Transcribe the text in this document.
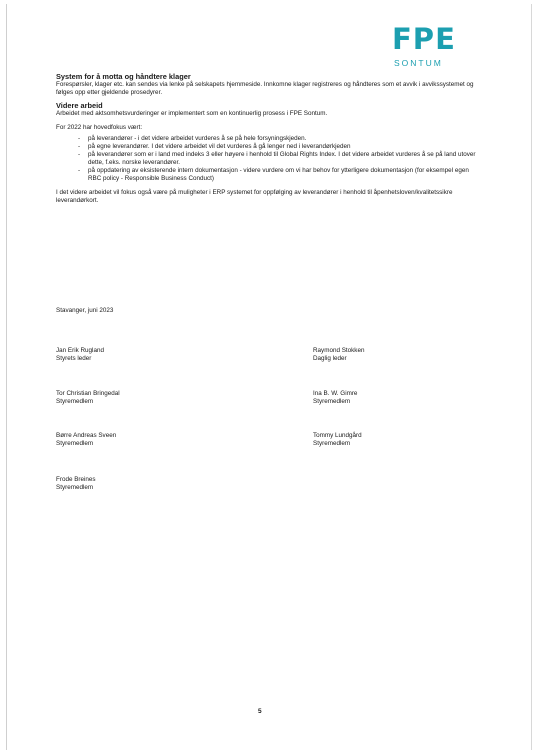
FPE
SONTUM
System for å motta og håndtere klager

Forespørsler, klager etc. kan sendes via lenke på selskapets hjemmeside. Innkomne klager registreres og håndteres som et avvik i avvikssystemet og følges opp etter gjeldende prosedyrer.

Videre arbeid

Arbeidet med aktsomhetsvurderinger er implementert som en kontinuerlig prosess i FPE Sontum.

For 2022 har hovedfokus vært:

- på leverandører - i det videre arbeidet vurderes å se på hele forsyningskjeden.
- på egne leverandører. I det videre arbeidet vil det vurderes å gå lenger ned i leverandørkjeden
- på leverandører som er i land med indeks 3 eller høyere i henhold til Global Rights Index. I det videre arbeidet vurderes å se på land utover dette, f.eks. norske leverandører.
- på oppdatering av eksisterende intern dokumentasjon - videre vurdere om vi har behov for ytterligere dokumentasjon (for eksempel egen RBC policy - Responsible Business Conduct)

I det videre arbeidet vil fokus også være på muligheter i ERP systemet for oppfølging av leverandører i henhold til åpenhetsloven/kvalitetssikre leverandørkort.

Stavanger, juni 2023
Jan Erik Rugland
Styrets leder
Raymond Stokken
Daglig leder
Tor Christian Bringedal
Styremedlem
Ina B. W. Gimre
Styremedlem
Børre Andreas Sveen
Styremedlem
Tommy Lundgård
Styremedlem
Frode Breines
Styremedlem
5
